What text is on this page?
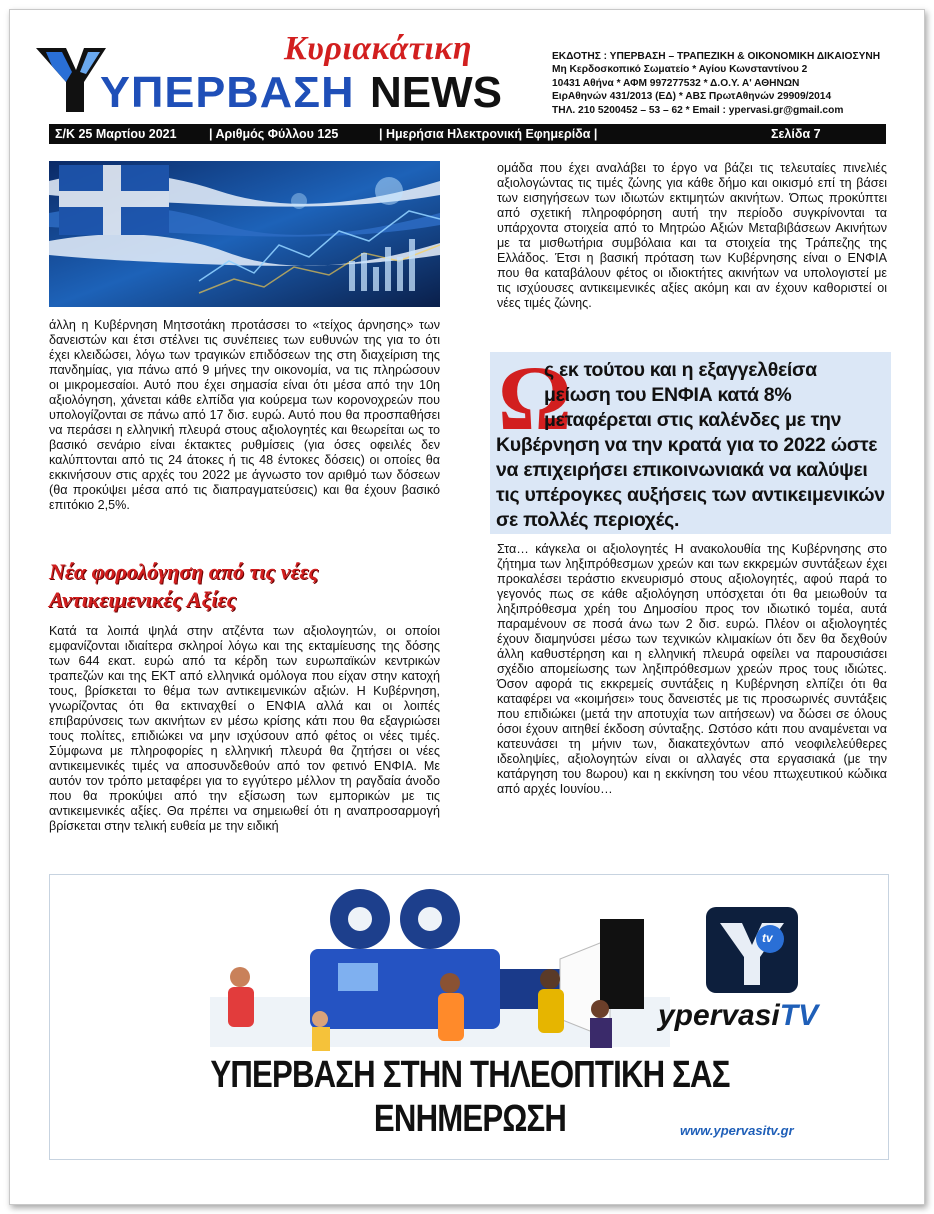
Κυριακάτικη
ΥΠΕΡΒΑΣΗ NEWS
ΕΚΔΟΤΗΣ : ΥΠΕΡΒΑΣΗ – ΤΡΑΠΕΖΙΚΗ & ΟΙΚΟΝΟΜΙΚΗ ΔΙΚΑΙΟΣΥΝΗ
Μη Κερδοσκοπικό Σωματείο * Αγίου Κωνσταντίνου 2
10431 Αθήνα * ΑΦΜ 997277532 * Δ.Ο.Υ. Α' ΑΘΗΝΩΝ
ΕιρΑθηνών 431/2013 (ΕΔ) * ΑΒΣ ΠρωτΑθηνών 29909/2014
ΤΗΛ. 210 5200452 – 53 – 62 * Email : ypervasi.gr@gmail.com
Σ/Κ 25 Μαρτίου 2021	| Αριθμός Φύλλου 125	| Ημερήσια Ηλεκτρονική Εφημερίδα |	Σελίδα 7
άλλη η Κυβέρνηση Μητσοτάκη προτάσσει το «τείχος άρνησης» των δανειστών και έτσι στέλνει τις συνέπειες των ευθυνών της για το ότι έχει κλειδώσει, λόγω των τραγικών επιδόσεων της στη διαχείριση της πανδημίας, για πάνω από 9 μήνες την οικονομία, να τις πληρώσουν οι μικρομεσαίοι. Αυτό που έχει σημασία είναι ότι μέσα από την 10η αξιολόγηση, χάνεται κάθε ελπίδα για κούρεμα των κορονοχρεών που υπολογίζονται σε πάνω από 17 δισ. ευρώ. Αυτό που θα προσπαθήσει να περάσει η ελληνική πλευρά στους αξιολογητές και θεωρείται ως το βασικό σενάριο είναι έκτακτες ρυθμίσεις (για όσες οφειλές δεν καλύπτονται από τις 24 άτοκες ή τις 48 έντοκες δόσεις) οι οποίες θα εκκινήσουν στις αρχές του 2022 με άγνωστο τον αριθμό των δόσεων (θα προκύψει μέσα από τις διαπραγματεύσεις) και θα έχουν βασικό επιτόκιο 2,5%.
Νέα φορολόγηση από τις νέες
Αντικειμενικές Αξίες
Κατά τα λοιπά ψηλά στην ατζέντα των αξιολογητών, οι οποίοι εμφανίζονται ιδιαίτερα σκληροί λόγω και της εκταμίευσης της δόσης των 644 εκατ. ευρώ από τα κέρδη των ευρωπαϊκών κεντρικών τραπεζών και της ΕΚΤ από ελληνικά ομόλογα που είχαν στην κατοχή τους, βρίσκεται το θέμα των αντικειμενικών αξιών. Η Κυβέρνηση, γνωρίζοντας ότι θα εκτιναχθεί ο ΕΝΦΙΑ αλλά και οι λοιπές επιβαρύνσεις των ακινήτων εν μέσω κρίσης κάτι που θα εξαγριώσει τους πολίτες, επιδιώκει να μην ισχύσουν από φέτος οι νέες τιμές. Σύμφωνα με πληροφορίες η ελληνική πλευρά θα ζητήσει οι νέες αντικειμενικές τιμές να αποσυνδεθούν από τον φετινό ΕΝΦΙΑ. Με αυτόν τον τρόπο μεταφέρει για το εγγύτερο μέλλον τη ραγδαία άνοδο που θα προκύψει από την εξίσωση των εμπορικών με τις αντικειμενικές αξίες. Θα πρέπει να σημειωθεί ότι η αναπροσαρμογή βρίσκεται στην τελική ευθεία με την ειδική
ομάδα που έχει αναλάβει το έργο να βάζει τις τελευταίες πινελιές αξιολογώντας τις τιμές ζώνης για κάθε δήμο και οικισμό επί τη βάσει των εισηγήσεων των ιδιωτών εκτιμητών ακινήτων. Όπως προκύπτει από σχετική πληροφόρηση αυτή την περίοδο συγκρίνονται τα υπάρχοντα στοιχεία από το Μητρώο Αξιών Μεταβιβάσεων Ακινήτων με τα μισθωτήρια συμβόλαια και τα στοιχεία της Τράπεζης της Ελλάδος. Έτσι η βασική πρόταση των Κυβέρνησης είναι ο ΕΝΦΙΑ που θα καταβάλουν φέτος οι ιδιοκτήτες ακινήτων να υπολογιστεί με τις ισχύουσες αντικειμενικές αξίες ακόμη και αν έχουν καθοριστεί οι νέες τιμές ζώνης.
Ω
ς εκ τούτου και η εξαγγελθείσα
μείωση του ΕΝΦΙΑ κατά 8%
μεταφέρεται στις καλένδες με την
Κυβέρνηση να την κρατά για το 2022 ώστε να επιχειρήσει επικοινωνιακά να καλύψει τις υπέρογκες αυξήσεις των αντικειμενικών σε πολλές περιοχές.
Στα… κάγκελα οι αξιολογητές Η ανακολουθία της Κυβέρνησης στο ζήτημα των ληξιπρόθεσμων χρεών και των εκκρεμών συντάξεων έχει προκαλέσει τεράστιο εκνευρισμό στους αξιολογητές, αφού παρά το γεγονός πως σε κάθε αξιολόγηση υπόσχεται ότι θα μειωθούν τα ληξιπρόθεσμα χρέη του Δημοσίου προς τον ιδιωτικό τομέα, αυτά παραμένουν σε ποσά άνω των 2 δισ. ευρώ. Πλέον οι αξιολογητές έχουν διαμηνύσει μέσω των τεχνικών κλιμακίων ότι δεν θα δεχθούν άλλη καθυστέρηση και η ελληνική πλευρά οφείλει να παρουσιάσει σχέδιο απομείωσης των ληξιπρόθεσμων χρεών προς τους ιδιώτες. Όσον αφορά τις εκκρεμείς συντάξεις η Κυβέρνηση ελπίζει ότι θα καταφέρει να «κοιμήσει» τους δανειστές με τις προσωρινές συντάξεις που επιδιώκει (μετά την αποτυχία των αιτήσεων) να δώσει σε όλους όσοι έχουν αιτηθεί έκδοση σύνταξης. Ωστόσο κάτι που αναμένεται να κατευνάσει τη μήνιν των, διακατεχόντων από νεοφιλελεύθερες ιδεοληψίες, αξιολογητών είναι οι αλλαγές στα εργασιακά (με την κατάργηση του 8ωρου) και η εκκίνηση του νέου πτωχευτικού κώδικα από αρχές Ιουνίου…
tv
ypervasiTV
ΥΠΕΡΒΑΣΗ ΣΤΗΝ ΤΗΛΕΟΠΤΙΚΗ ΣΑΣ ΕΝΗΜΕΡΩΣΗ	www.ypervasitv.gr
